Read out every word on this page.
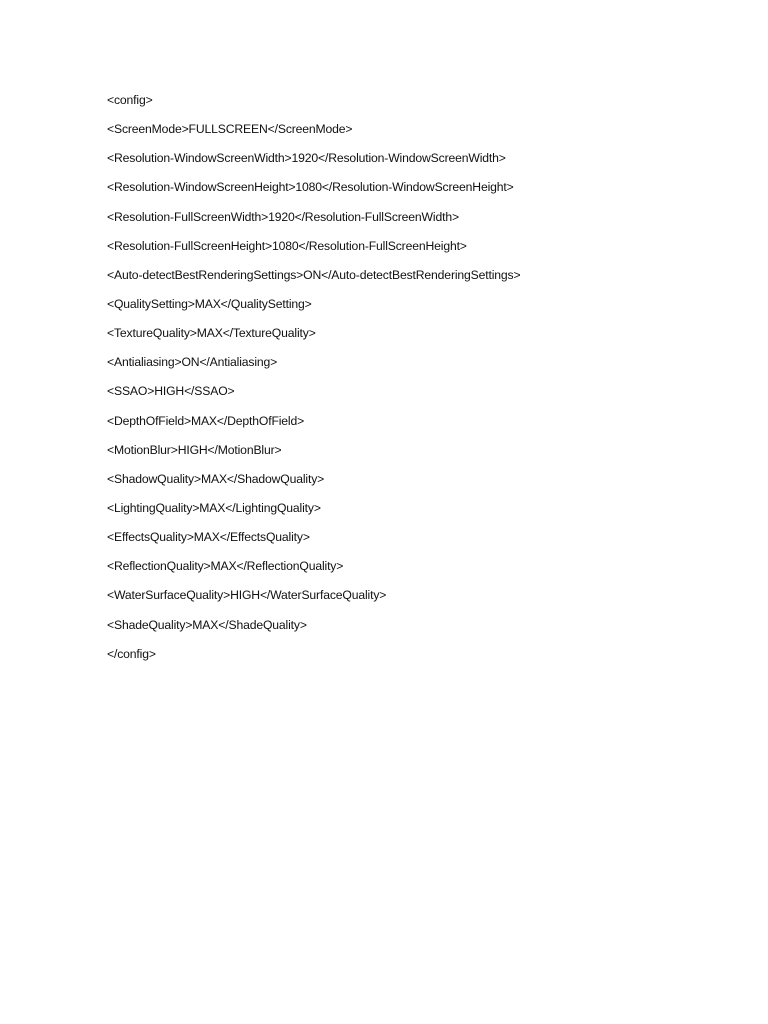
<config>
<ScreenMode>FULLSCREEN</ScreenMode>
<Resolution-WindowScreenWidth>1920</Resolution-WindowScreenWidth>
<Resolution-WindowScreenHeight>1080</Resolution-WindowScreenHeight>
<Resolution-FullScreenWidth>1920</Resolution-FullScreenWidth>
<Resolution-FullScreenHeight>1080</Resolution-FullScreenHeight>
<Auto-detectBestRenderingSettings>ON</Auto-detectBestRenderingSettings>
<QualitySetting>MAX</QualitySetting>
<TextureQuality>MAX</TextureQuality>
<Antialiasing>ON</Antialiasing>
<SSAO>HIGH</SSAO>
<DepthOfField>MAX</DepthOfField>
<MotionBlur>HIGH</MotionBlur>
<ShadowQuality>MAX</ShadowQuality>
<LightingQuality>MAX</LightingQuality>
<EffectsQuality>MAX</EffectsQuality>
<ReflectionQuality>MAX</ReflectionQuality>
<WaterSurfaceQuality>HIGH</WaterSurfaceQuality>
<ShadeQuality>MAX</ShadeQuality>
</config>
